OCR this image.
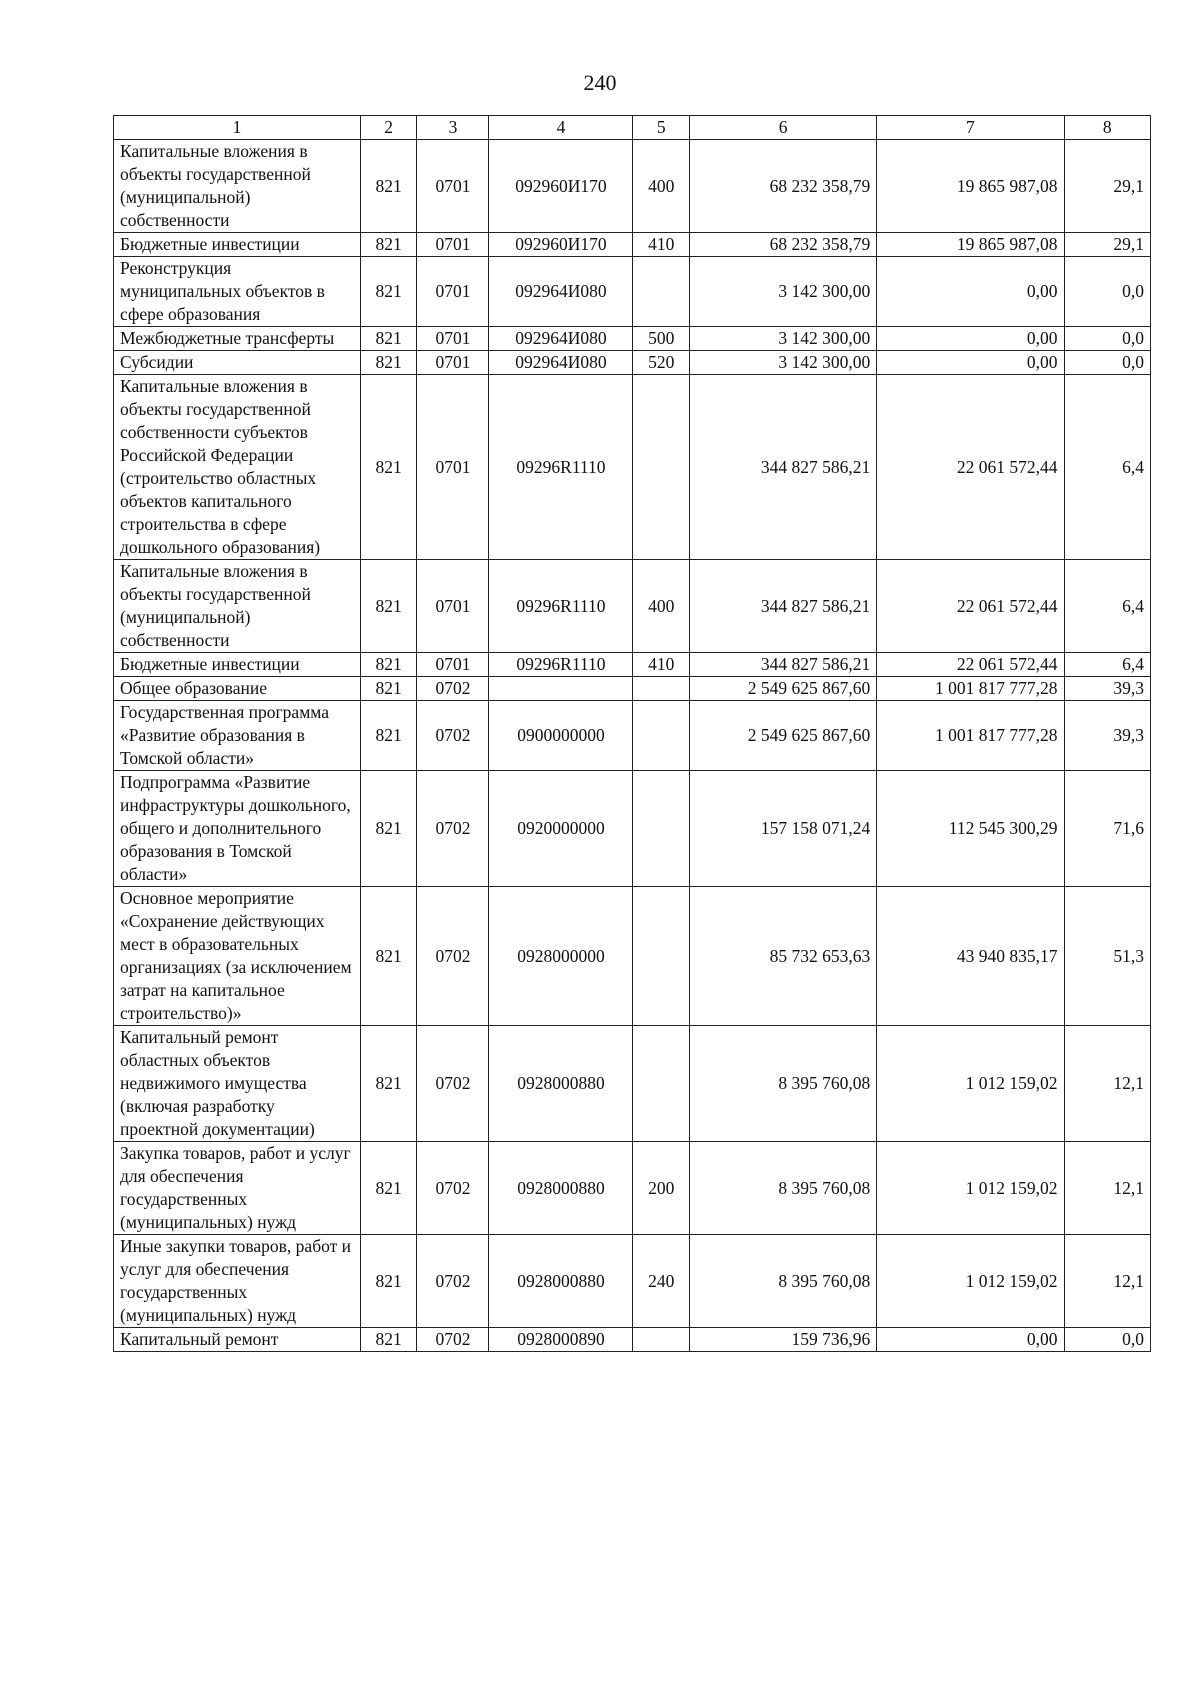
240
1	2	3	4	5	6	7	8
Капитальные вложения в объекты государственной (муниципальной) собственности	821	0701	092960И170	400	68 232 358,79	19 865 987,08	29,1
Бюджетные инвестиции	821	0701	092960И170	410	68 232 358,79	19 865 987,08	29,1
Реконструкция муниципальных объектов в сфере образования	821	0701	092964И080		3 142 300,00	0,00	0,0
Межбюджетные трансферты	821	0701	092964И080	500	3 142 300,00	0,00	0,0
Субсидии	821	0701	092964И080	520	3 142 300,00	0,00	0,0
Капитальные вложения в объекты государственной собственности субъектов Российской Федерации (строительство областных объектов капитального строительства в сфере дошкольного образования)	821	0701	09296R1110		344 827 586,21	22 061 572,44	6,4
Капитальные вложения в объекты государственной (муниципальной) собственности	821	0701	09296R1110	400	344 827 586,21	22 061 572,44	6,4
Бюджетные инвестиции	821	0701	09296R1110	410	344 827 586,21	22 061 572,44	6,4
Общее образование	821	0702			2 549 625 867,60	1 001 817 777,28	39,3
Государственная программа «Развитие образования в Томской области»	821	0702	0900000000		2 549 625 867,60	1 001 817 777,28	39,3
Подпрограмма «Развитие инфраструктуры дошкольного, общего и дополнительного образования в Томской области»	821	0702	0920000000		157 158 071,24	112 545 300,29	71,6
Основное мероприятие «Сохранение действующих мест в образовательных организациях (за исключением затрат на капитальное строительство)»	821	0702	0928000000		85 732 653,63	43 940 835,17	51,3
Капитальный ремонт областных объектов недвижимого имущества (включая разработку проектной документации)	821	0702	0928000880		8 395 760,08	1 012 159,02	12,1
Закупка товаров, работ и услуг для обеспечения государственных (муниципальных) нужд	821	0702	0928000880	200	8 395 760,08	1 012 159,02	12,1
Иные закупки товаров, работ и услуг для обеспечения государственных (муниципальных) нужд	821	0702	0928000880	240	8 395 760,08	1 012 159,02	12,1
Капитальный ремонт	821	0702	0928000890		159 736,96	0,00	0,0
